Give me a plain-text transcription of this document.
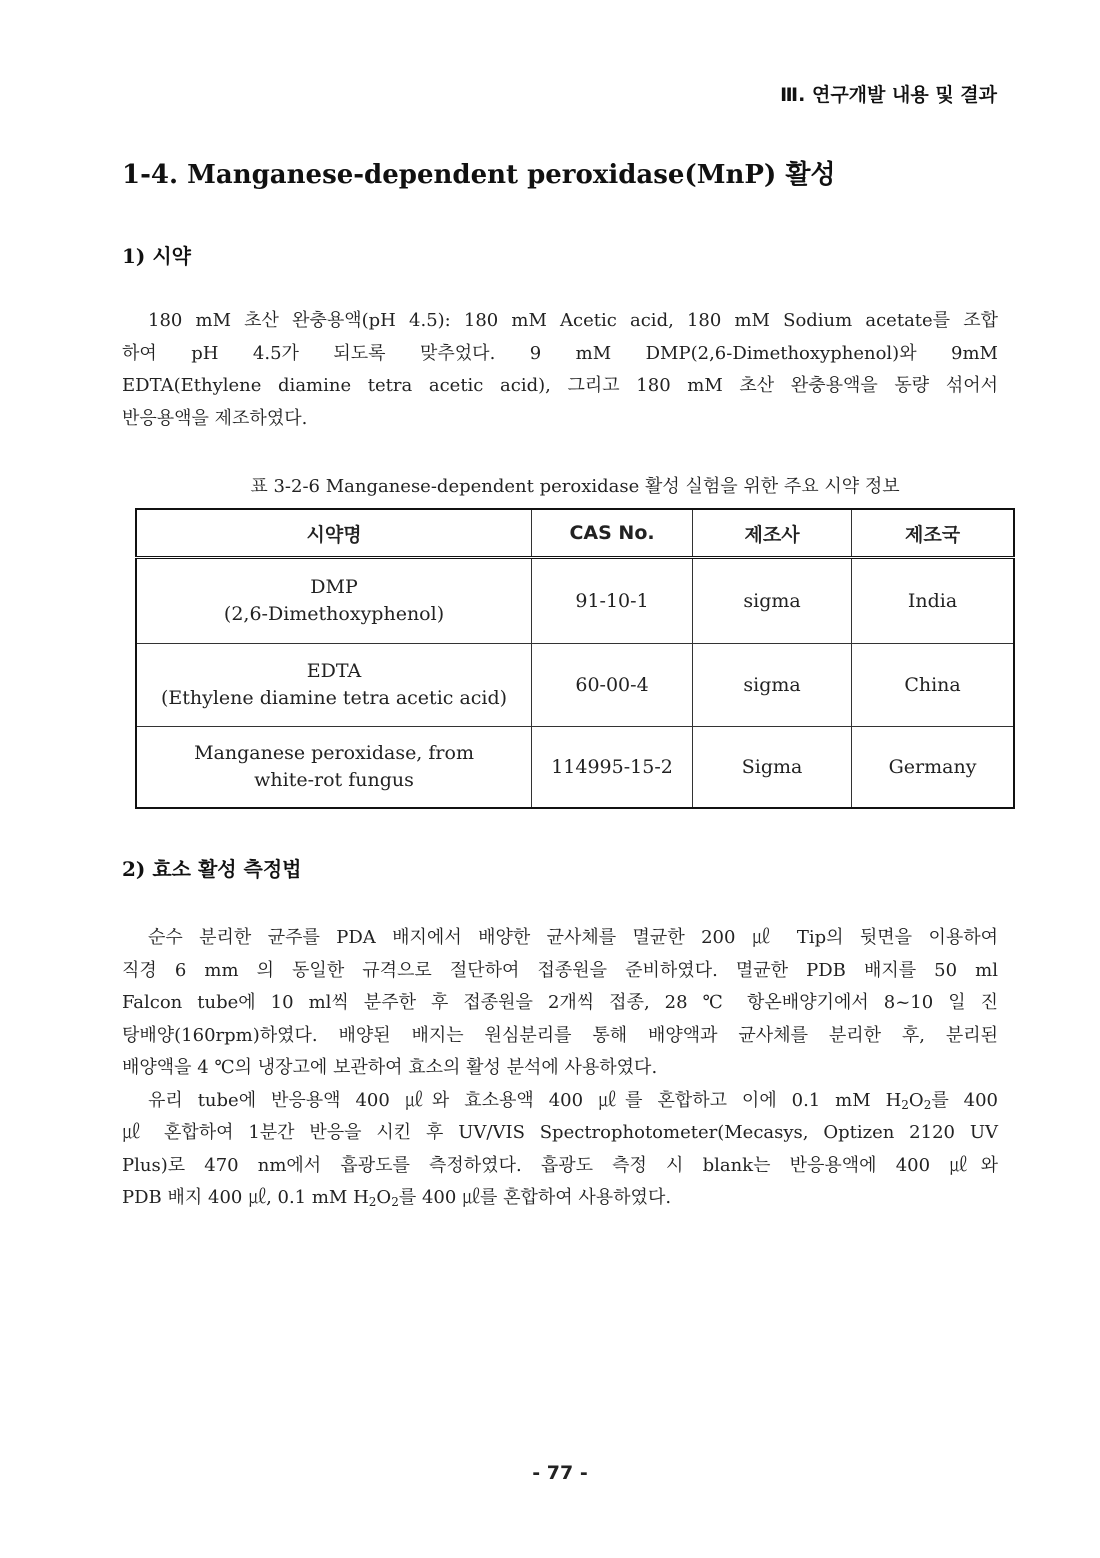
Ⅲ. 연구개발 내용 및 결과
1-4. Manganese-dependent peroxidase(MnP) 활성
1) 시약
180 mM 초산 완충용액(pH 4.5): 180 mM Acetic acid, 180 mM Sodium acetate를 조합
하여 pH 4.5가 되도록 맞추었다. 9 mM DMP(2,6-Dimethoxyphenol)와 9mM
EDTA(Ethylene diamine tetra acetic acid), 그리고 180 mM 초산 완충용액을 동량 섞어서
반응용액을 제조하였다.
표 3-2-6 Manganese-dependent peroxidase 활성 실험을 위한 주요 시약 정보
시약명	CAS No.	제조사	제조국

DMP
(2,6-Dimethoxyphenol)	91-10-1	sigma	India

EDTA
(Ethylene diamine tetra acetic acid)	60-00-4	sigma	China

Manganese peroxidase, from
white-rot fungus	114995-15-2	Sigma	Germany
2) 효소 활성 측정법
순수 분리한 균주를 PDA 배지에서 배양한 균사체를 멸균한 200 ㎕ Tip의 뒷면을 이용하여
직경 6 mm 의 동일한 규격으로 절단하여 접종원을 준비하였다. 멸균한 PDB 배지를 50 ml
Falcon tube에 10 ml씩 분주한 후 접종원을 2개씩 접종, 28 ℃ 항온배양기에서 8~10 일 진
탕배양(160rpm)하였다. 배양된 배지는 원심분리를 통해 배양액과 균사체를 분리한 후, 분리된
배양액을 4 ℃의 냉장고에 보관하여 효소의 활성 분석에 사용하였다.
유리 tube에 반응용액 400 ㎕와 효소용액 400 ㎕를 혼합하고 이에 0.1 mM $H_2O_2$를 400
㎕ 혼합하여 1분간 반응을 시킨 후 UV/VIS Spectrophotometer(Mecasys, Optizen 2120 UV
Plus)로 470 nm에서 흡광도를 측정하였다. 흡광도 측정 시 blank는 반응용액에 400 ㎕와
PDB 배지 400 ㎕, 0.1 mM $H_2O_2$를 400 ㎕를 혼합하여 사용하였다.
- 77 -
